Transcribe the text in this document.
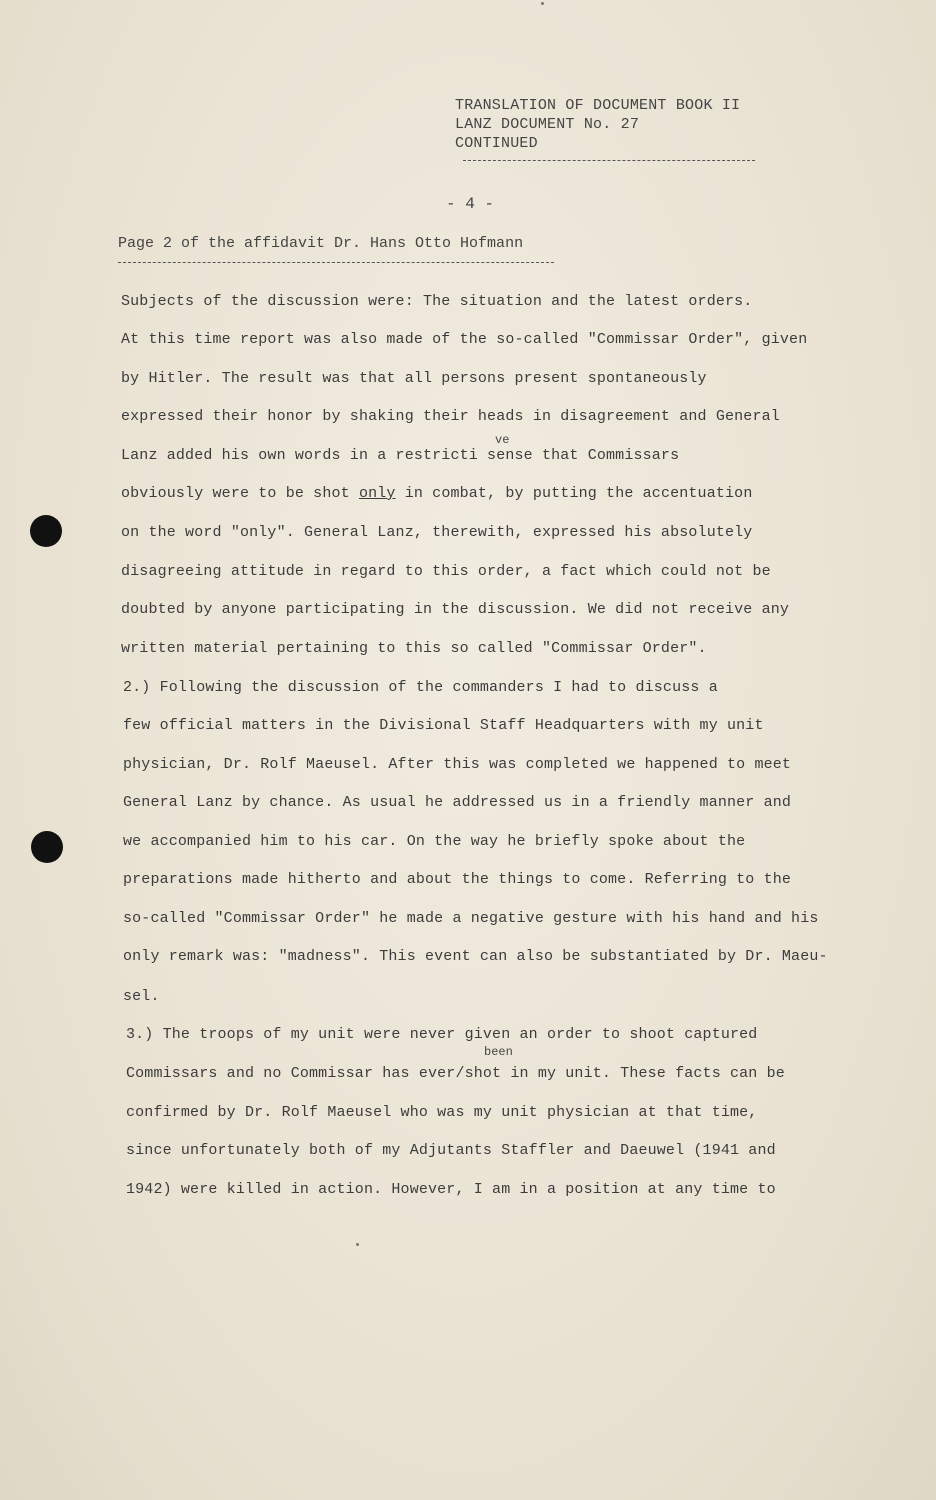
TRANSLATION OF DOCUMENT BOOK II
LANZ DOCUMENT No. 27
CONTINUED
- 4 -
Page 2 of the affidavit Dr. Hans Otto Hofmann
Subjects of the discussion were: The situation and the latest orders.
At this time report was also made of the so-called "Commissar Order", given
by Hitler. The result was that all persons present spontaneously
expressed their honor by shaking their heads in disagreement and General
ve
Lanz added his own words in a restricti sense that Commissars
obviously were to be shot only in combat, by putting the accentuation
on the word "only". General Lanz, therewith, expressed his absolutely
disagreeing attitude in regard to this order, a fact which could not be
doubted by anyone participating in the discussion. We did not receive any
written material pertaining to this so called "Commissar Order".
2.) Following the discussion of the commanders I had to discuss a
few official matters in the Divisional Staff Headquarters with my unit
physician, Dr. Rolf Maeusel. After this was completed we happened to meet
General Lanz by chance. As usual he addressed us in a friendly manner and
we accompanied him to his car. On the way he briefly spoke about the
preparations made hitherto and about the things to come. Referring to the
so-called "Commissar Order" he made a negative gesture with his hand and his
only remark was: "madness". This event can also be substantiated by Dr. Maeu-
sel.
3.) The troops of my unit were never given an order to shoot captured
been
Commissars and no Commissar has ever/shot in my unit. These facts can be
confirmed by Dr. Rolf Maeusel who was my unit physician at that time,
since unfortunately both of my Adjutants Staffler and Daeuwel (1941 and
1942) were killed in action. However, I am in a position at any time to
